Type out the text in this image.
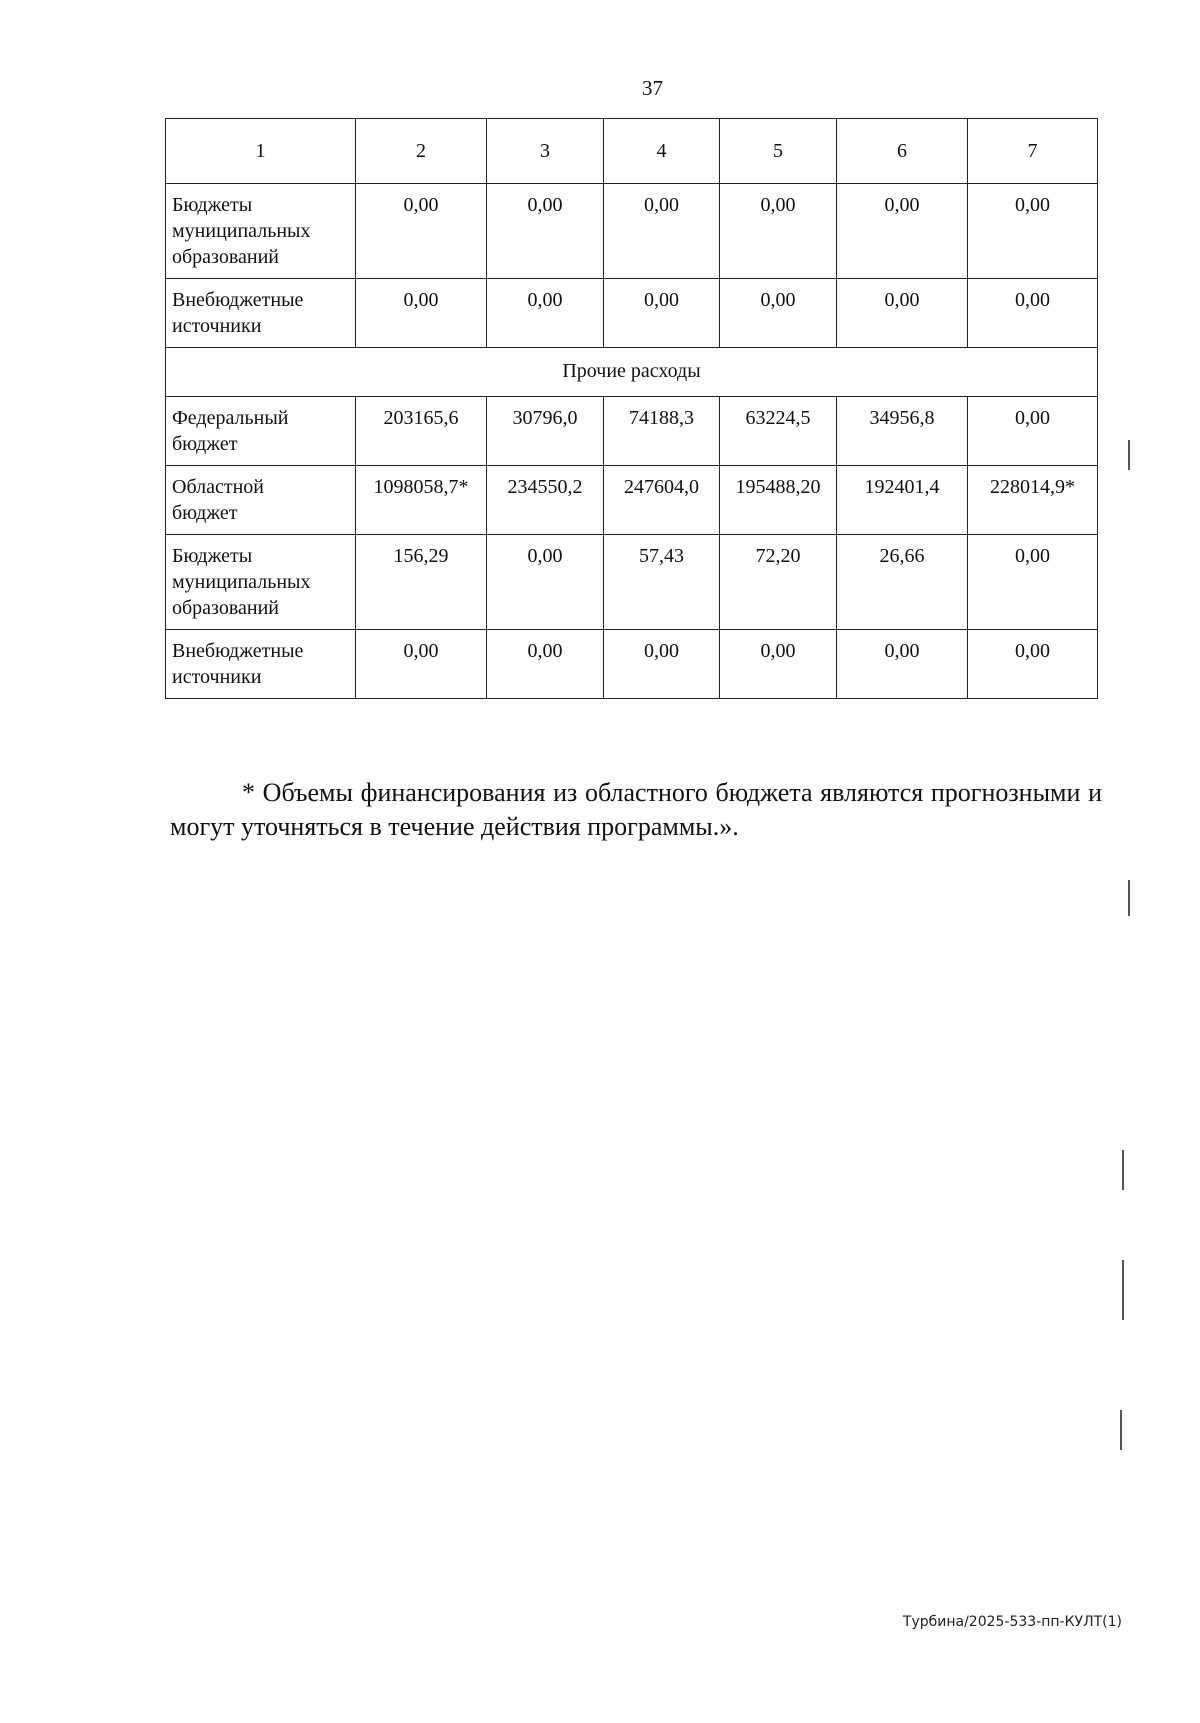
37
1	2	3	4	5	6	7

Бюджеты
муниципальных
образований	0,00	0,00	0,00	0,00	0,00	0,00

Внебюджетные
источники	0,00	0,00	0,00	0,00	0,00	0,00
Прочие расходы						

Федеральный
бюджет	203165,6	30796,0	74188,3	63224,5	34956,8	0,00

Областной
бюджет	1098058,7*	234550,2	247604,0	195488,20	192401,4	228014,9*

Бюджеты
муниципальных
образований	156,29	0,00	57,43	72,20	26,66	0,00

Внебюджетные
источники	0,00	0,00	0,00	0,00	0,00	0,00
* Объемы финансирования из областного бюджета являются прогнозными и могут уточняться в течение действия программы.».
Турбина/2025-533-пп-КУЛТ(1)
